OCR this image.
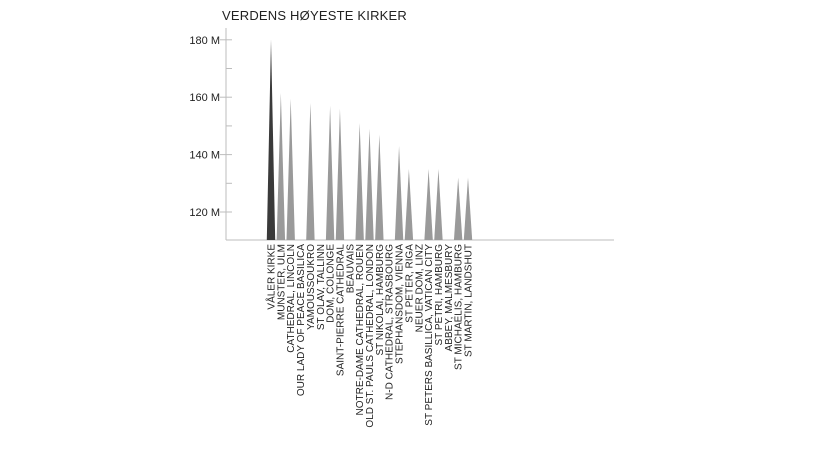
VERDENS HØYESTE KIRKER
120 M
140 M
160 M
180 M
VÅLER KIRKE
MUNSTER, ULM
CATHEDRAL, LINCOLN
OUR LADY OF PEACE BASILICA
YAMOUSSOUKRO
ST OLAV, TALLINN
DOM, COLONGE
SAINT-PIERRE CATHEDRAL
BEAUVAIS
NOTRE-DAME CATHEDRAL, ROUEN
OLD ST. PAULS CATHEDRAL, LONDON
ST NIKOLAI, HAMBURG
N-D CATHEDRAL, STRASBOURG
STEPHANSDOM, VIENNA
ST PETER, RIGA
NEUER DOM, LINZ
ST PETERS BASILLICA, VATICAN CITY
ST PETRI, HAMBURG
ABBEY, MALMESBURY
ST MICHAELIS, HAMBURG
ST MARTIN, LANDSHUT
